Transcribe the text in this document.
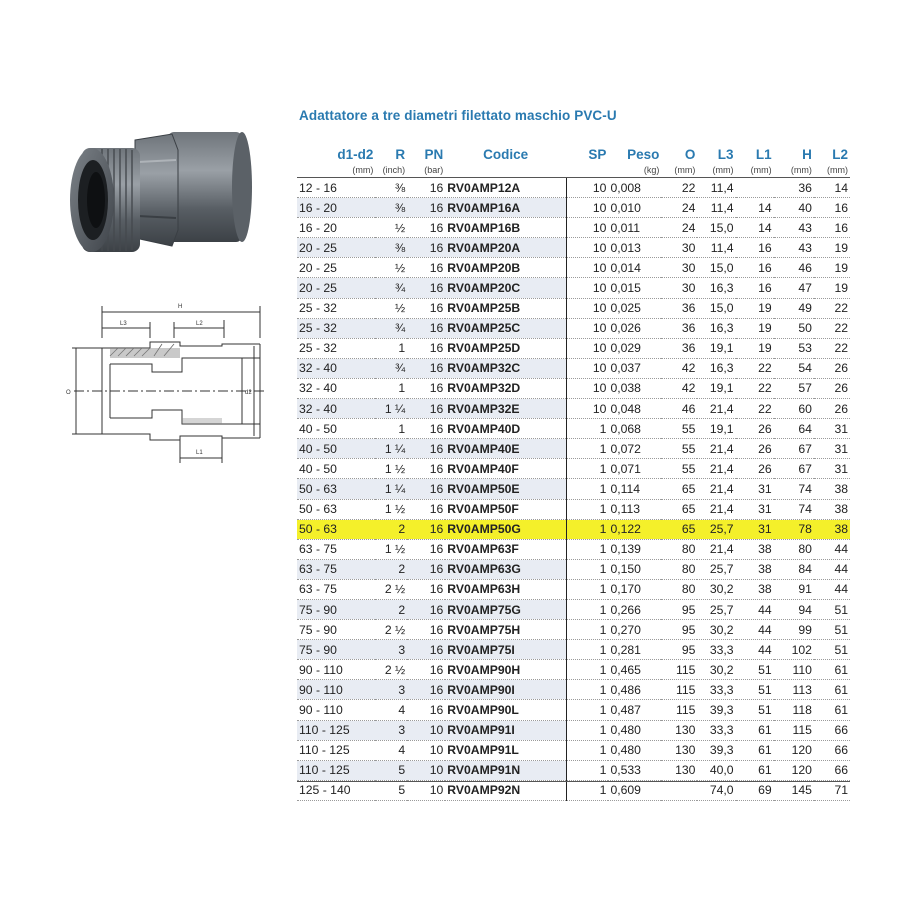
H
L3	L2
O	d2
L1
Adattatore a tre diametri filettato maschio PVC-U
d1-d2	R	PN	Codice	SP	Peso	O	L3	L1	H	L2
(mm)	(inch)	(bar)			(kg)	(mm)	(mm)	(mm)	(mm)	(mm)
12 - 16	⅜	16	RV0AMP12A	10	0,008	22	11,4		36	14
16 - 20	⅜	16	RV0AMP16A	10	0,010	24	11,4	14	40	16
16 - 20	½	16	RV0AMP16B	10	0,011	24	15,0	14	43	16
20 - 25	⅜	16	RV0AMP20A	10	0,013	30	11,4	16	43	19
20 - 25	½	16	RV0AMP20B	10	0,014	30	15,0	16	46	19
20 - 25	¾	16	RV0AMP20C	10	0,015	30	16,3	16	47	19
25 - 32	½	16	RV0AMP25B	10	0,025	36	15,0	19	49	22
25 - 32	¾	16	RV0AMP25C	10	0,026	36	16,3	19	50	22
25 - 32	1	16	RV0AMP25D	10	0,029	36	19,1	19	53	22
32 - 40	¾	16	RV0AMP32C	10	0,037	42	16,3	22	54	26
32 - 40	1	16	RV0AMP32D	10	0,038	42	19,1	22	57	26
32 - 40	1 ¼	16	RV0AMP32E	10	0,048	46	21,4	22	60	26
40 - 50	1	16	RV0AMP40D	1	0,068	55	19,1	26	64	31
40 - 50	1 ¼	16	RV0AMP40E	1	0,072	55	21,4	26	67	31
40 - 50	1 ½	16	RV0AMP40F	1	0,071	55	21,4	26	67	31
50 - 63	1 ¼	16	RV0AMP50E	1	0,114	65	21,4	31	74	38
50 - 63	1 ½	16	RV0AMP50F	1	0,113	65	21,4	31	74	38
50 - 63	2	16	RV0AMP50G	1	0,122	65	25,7	31	78	38
63 - 75	1 ½	16	RV0AMP63F	1	0,139	80	21,4	38	80	44
63 - 75	2	16	RV0AMP63G	1	0,150	80	25,7	38	84	44
63 - 75	2 ½	16	RV0AMP63H	1	0,170	80	30,2	38	91	44
75 - 90	2	16	RV0AMP75G	1	0,266	95	25,7	44	94	51
75 - 90	2 ½	16	RV0AMP75H	1	0,270	95	30,2	44	99	51
75 - 90	3	16	RV0AMP75I	1	0,281	95	33,3	44	102	51
90 - 110	2 ½	16	RV0AMP90H	1	0,465	115	30,2	51	110	61
90 - 110	3	16	RV0AMP90I	1	0,486	115	33,3	51	113	61
90 - 110	4	16	RV0AMP90L	1	0,487	115	39,3	51	118	61
110 - 125	3	10	RV0AMP91I	1	0,480	130	33,3	61	115	66
110 - 125	4	10	RV0AMP91L	1	0,480	130	39,3	61	120	66
110 - 125	5	10	RV0AMP91N	1	0,533	130	40,0	61	120	66
125 - 140	5	10	RV0AMP92N	1	0,609		74,0	69	145	71
